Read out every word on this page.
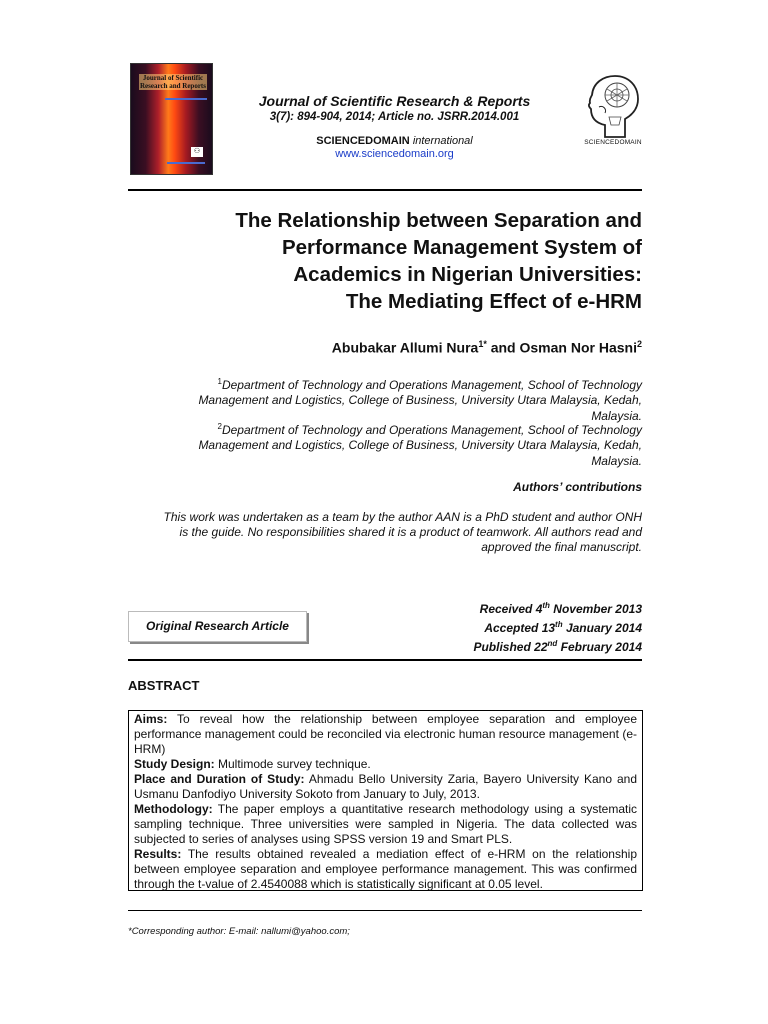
Journal of Scientific
Research and Reports
⚇
Journal of Scientific Research & Reports
3(7): 894-904, 2014; Article no. JSRR.2014.001
SCIENCEDOMAIN international
www.sciencedomain.org
SCIENCEDOMAIN
The Relationship between Separation and
Performance Management System of
Academics in Nigerian Universities:
The Mediating Effect of e-HRM
Abubakar Allumi Nura$^{1*}$ and Osman Nor Hasni$^2$
$^1$Department of Technology and Operations Management, School of Technology
Management and Logistics, College of Business, University Utara Malaysia, Kedah,
Malaysia.
$^2$Department of Technology and Operations Management, School of Technology
Management and Logistics, College of Business, University Utara Malaysia, Kedah,
Malaysia.
Authors’ contributions
This work was undertaken as a team by the author AAN is a PhD student and author ONH
is the guide. No responsibilities shared it is a product of teamwork. All authors read and
approved the final manuscript.
Original Research Article
Received 4th November 2013
Accepted 13th January 2014
Published 22nd February 2014
ABSTRACT

Aims: To reveal how the relationship between employee separation and employee performance management could be reconciled via electronic human resource management (e-HRM)

Study Design: Multimode survey technique.

Place and Duration of Study: Ahmadu Bello University Zaria, Bayero University Kano and Usmanu Danfodiyo University Sokoto from January to July, 2013.

Methodology: The paper employs a quantitative research methodology using a systematic sampling technique. Three universities were sampled in Nigeria. The data collected was subjected to series of analyses using SPSS version 19 and Smart PLS.

Results: The results obtained revealed a mediation effect of e-HRM on the relationship between employee separation and employee performance management. This was confirmed through the t-value of 2.4540088 which is statistically significant at 0.05 level.

*Corresponding author: E-mail: nallumi@yahoo.com;
